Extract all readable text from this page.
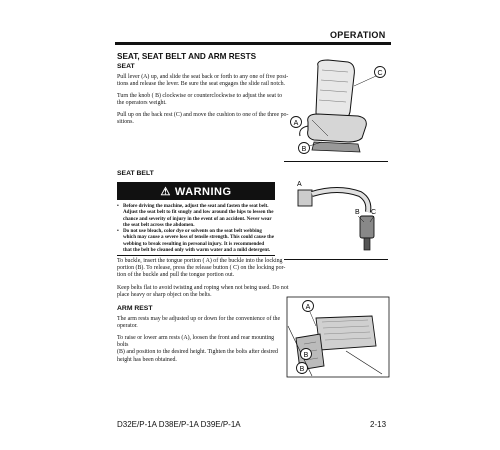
OPERATION
SEAT, SEAT BELT AND ARM RESTS
SEAT
Pull lever (A) up, and slide the seat back or forth to any one of five posi-
tions and release the lever. Be sure the seat engages the slide rail notch.
Turn the knob ( B) clockwise or counterclockwise to adjust the seat to
the operators weight.
Pull up on the back rest (C) and move the cushion to one of the three po-
sitions.
C
A
B
SEAT BELT
⚠ WARNING
• Before driving the machine, adjust the seat and fasten the seat belt.
Adjust the seat belt to fit snugly and low around the hips to lessen the
chance and severity of injury in the event of an accident. Never wear
the seat belt across the abdomen.
• Do not use bleach, color dye or solvents on the seat belt webbing
which may cause a severe loss of tensile strength. This could cause the
webbing to break resulting in personal injury. It is recommended
that the belt be cleaned only with warm water and a mild detergent.
To buckle, insert the tongue portion ( A) of the buckle into the locking
portion (B). To release, press the release button ( C) on the locking por-
tion of the buckle and pull the tongue portion out.
Keep belts flat to avoid twisting and roping when not being used. Do not
place heavy or sharp object on the belts.
A
B C
ARM REST
The arm rests may be adjusted up or down for the convenience of the
operator.
To raise or lower arm rests (A), loosen the front and rear mounting bolts
(B) and position to the desired height. Tighten the bolts after desired
height has been obtained.
A
B
B
D32E/P-1A D38E/P-1A D39E/P-1A	2-13
